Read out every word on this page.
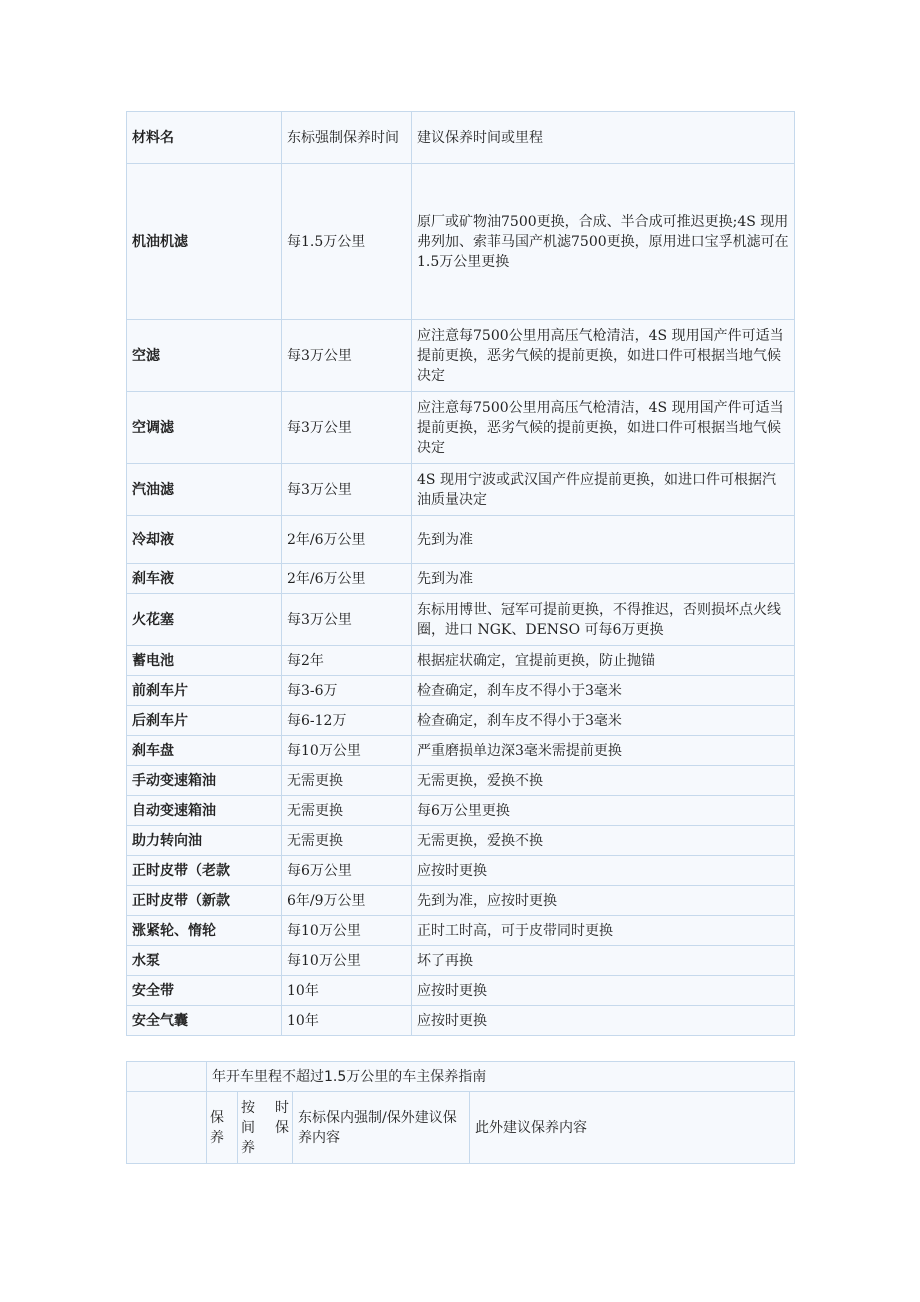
材料名	东标强制保养时间	建议保养时间或里程
机油机滤	每1.5万公里	原厂或矿物油7500更换，合成、半合成可推迟更换;4S 现用弗列加、索菲马国产机滤7500更换，原用进口宝孚机滤可在1.5万公里更换
空滤	每3万公里	应注意每7500公里用高压气枪清洁，4S 现用国产件可适当提前更换，恶劣气候的提前更换，如进口件可根据当地气候决定
空调滤	每3万公里	应注意每7500公里用高压气枪清洁，4S 现用国产件可适当提前更换，恶劣气候的提前更换，如进口件可根据当地气候决定
汽油滤	每3万公里	4S 现用宁波或武汉国产件应提前更换，如进口件可根据汽油质量决定
冷却液	2年/6万公里	先到为准
刹车液	2年/6万公里	先到为准
火花塞	每3万公里	东标用博世、冠军可提前更换，不得推迟，否则损坏点火线圈，进口 NGK、DENSO 可每6万更换
蓄电池	每2年	根据症状确定，宜提前更换，防止抛锚
前刹车片	每3-6万	检查确定，刹车皮不得小于3毫米
后刹车片	每6-12万	检查确定，刹车皮不得小于3毫米
刹车盘	每10万公里	严重磨损单边深3毫米需提前更换
手动变速箱油	无需更换	无需更换，爱换不换
自动变速箱油	无需更换	每6万公里更换
助力转向油	无需更换	无需更换，爱换不换
正时皮带（老款	每6万公里	应按时更换
正时皮带（新款	6年/9万公里	先到为准，应按时更换
涨紧轮、惰轮	每10万公里	正时工时高，可于皮带同时更换
水泵	每10万公里	坏了再换
安全带	10年	应按时更换
安全气囊	10年	应按时更换
	年开车里程不超过1.5万公里的车主保养指南			
	保养	按 时 间 保 养	东标保内强制/保外建议保养内容	此外建议保养内容
